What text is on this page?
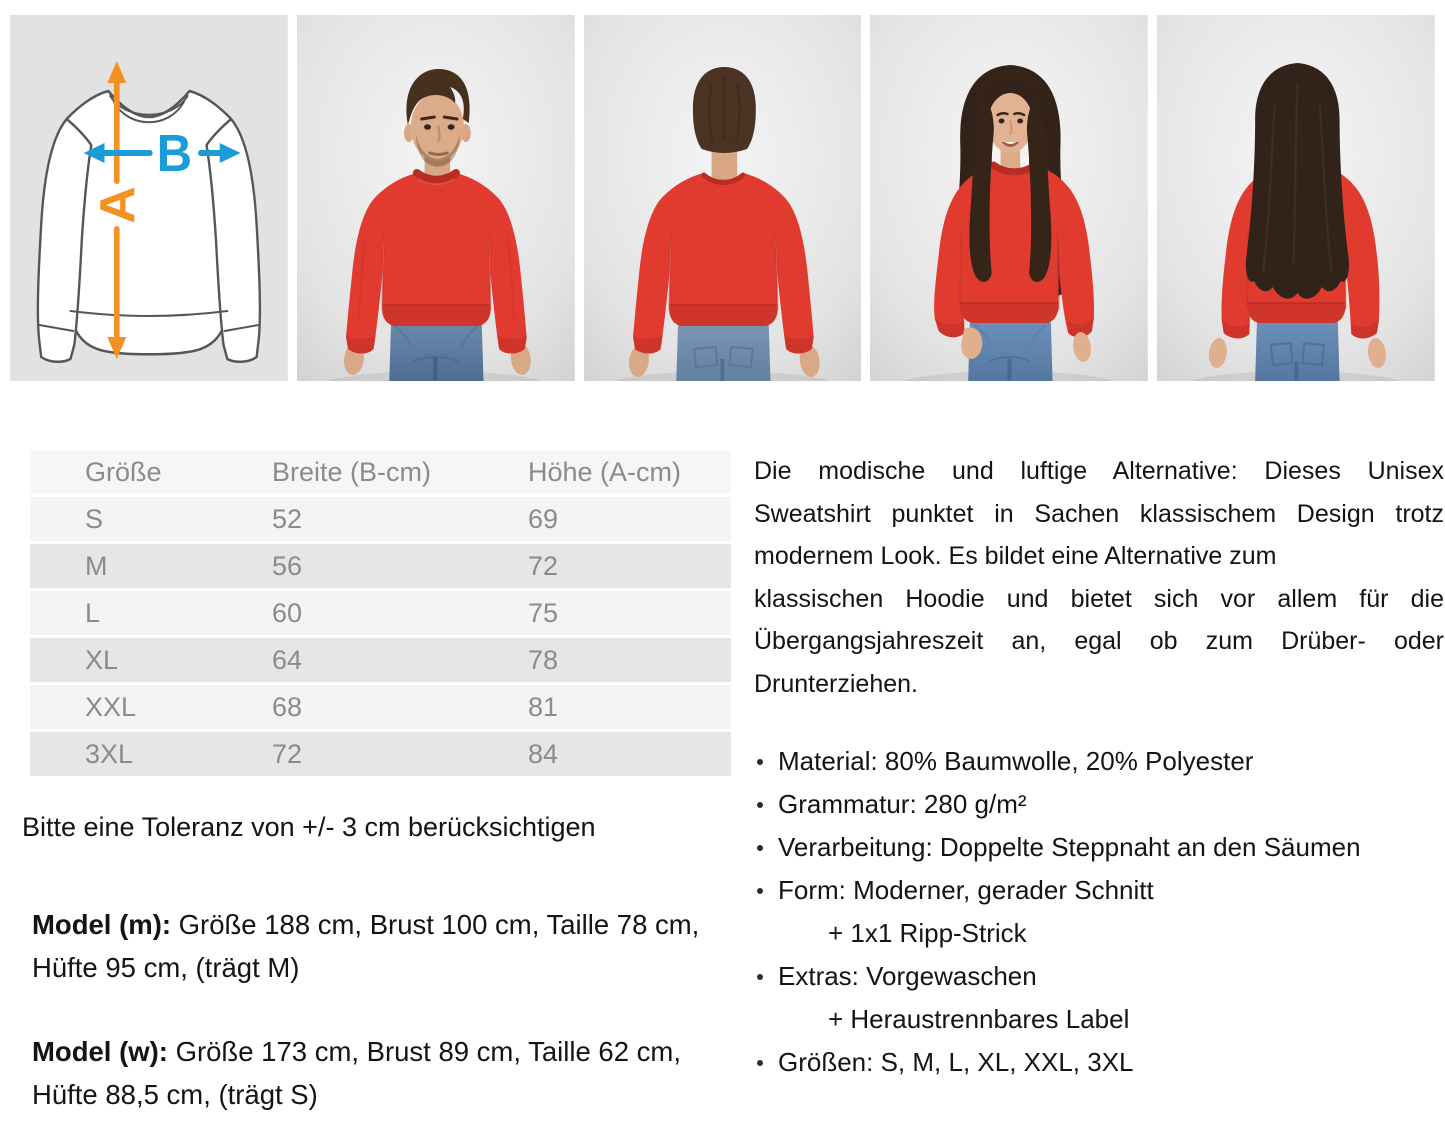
A
B
Größe	Breite (B-cm)	Höhe (A-cm)
S	52	69
M	56	72
L	60	75
XL	64	78
XXL	68	81
3XL	72	84
Bitte eine Toleranz von +/- 3 cm berücksichtigen
Model (m): Größe 188 cm, Brust 100 cm, Taille 78 cm, Hüfte 95 cm, (trägt M)
Model (w): Größe 173 cm, Brust 89 cm, Taille 62 cm, Hüfte 88,5 cm, (trägt S)

Die modische und luftige Alternative: Dieses Unisex Sweatshirt punktet in Sachen klassischem Design trotz modernem Look. Es bildet eine Alternative zum

klassischen Hoodie und bietet sich vor allem für die Übergangsjahreszeit an, egal ob zum Drüber- oder Drunterziehen.

Material: 80% Baumwolle, 20% Polyester
Grammatur: 280 g/m²
Verarbeitung: Doppelte Steppnaht an den Säumen
Form: Moderner, gerader Schnitt
+ 1x1 Ripp-Strick
Extras: Vorgewaschen
+ Heraustrennbares Label
Größen: S, M, L, XL, XXL, 3XL
